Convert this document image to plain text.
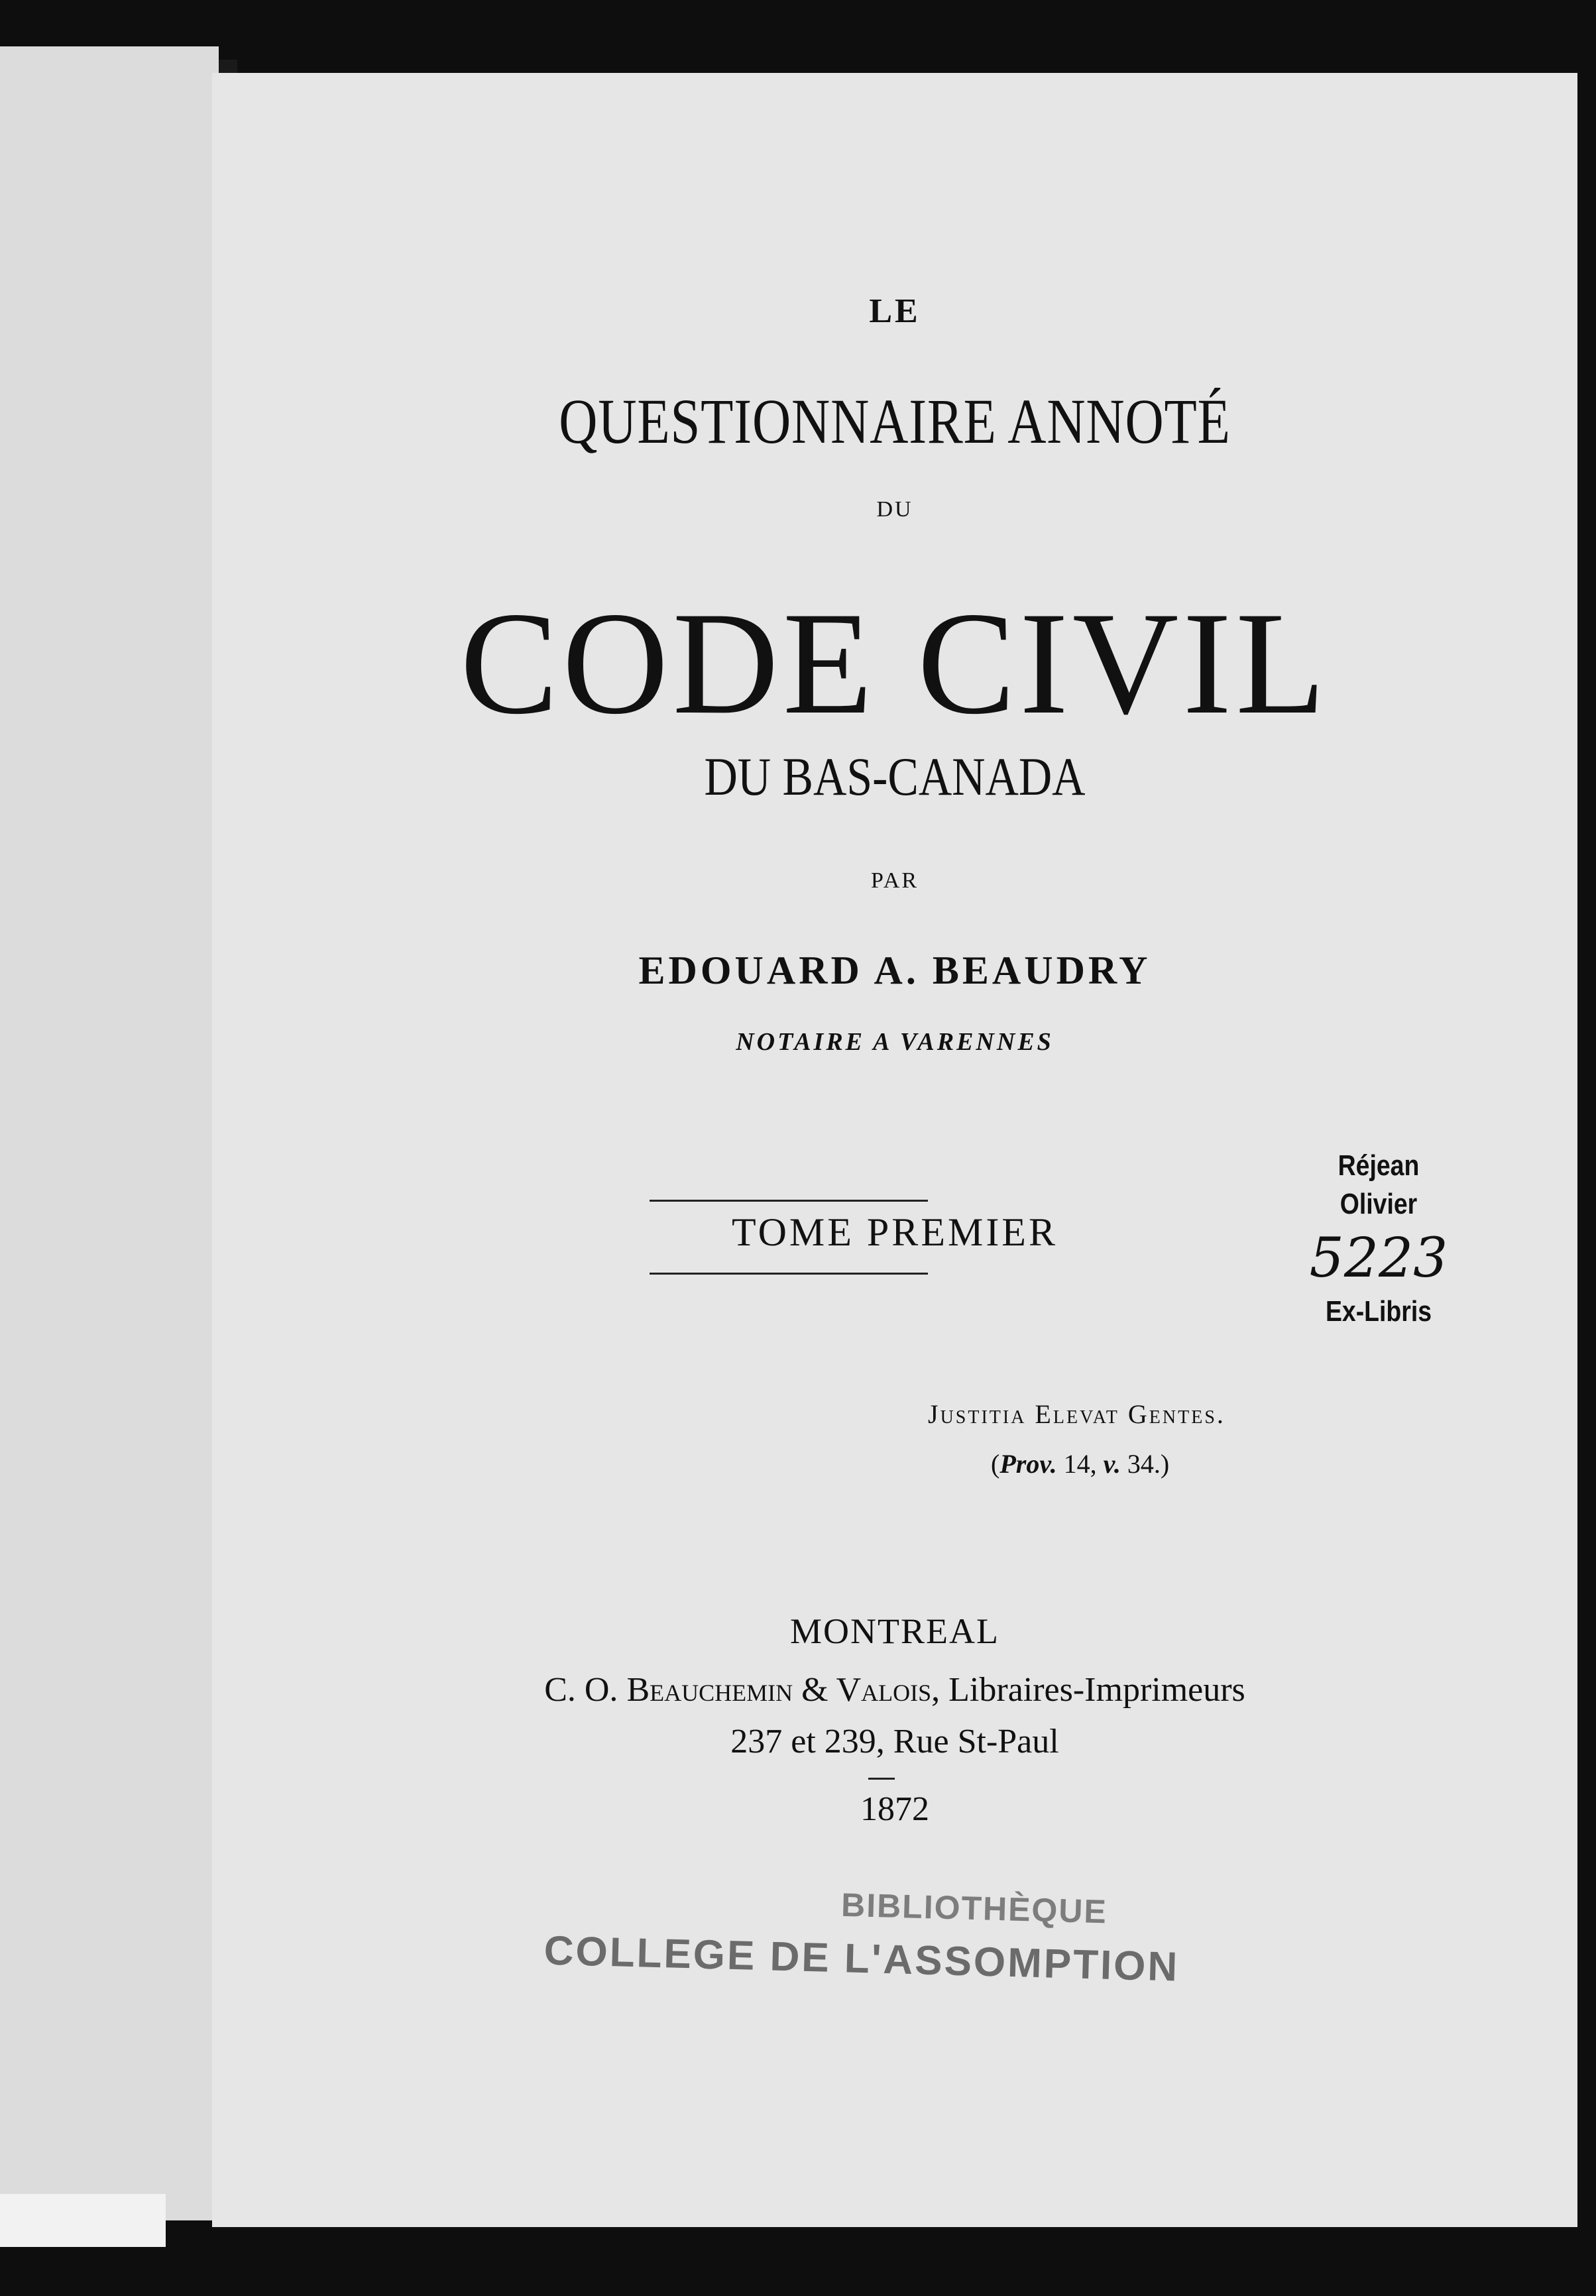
LE
QUESTIONNAIRE ANNOTÉ
DU
CODE CIVIL
DU BAS-CANADA
PAR
EDOUARD A. BEAUDRY
NOTAIRE A VARENNES
TOME PREMIER
Justitia Elevat Gentes.
(Prov. 14, v. 34.)
MONTREAL
C. O. Beauchemin & Valois, Libraires-Imprimeurs
237 et 239, Rue St-Paul
1872
BIBLIOTHÈQUE
COLLEGE DE L'ASSOMPTION
Réjean
Olivier
5223
Ex-Libris
